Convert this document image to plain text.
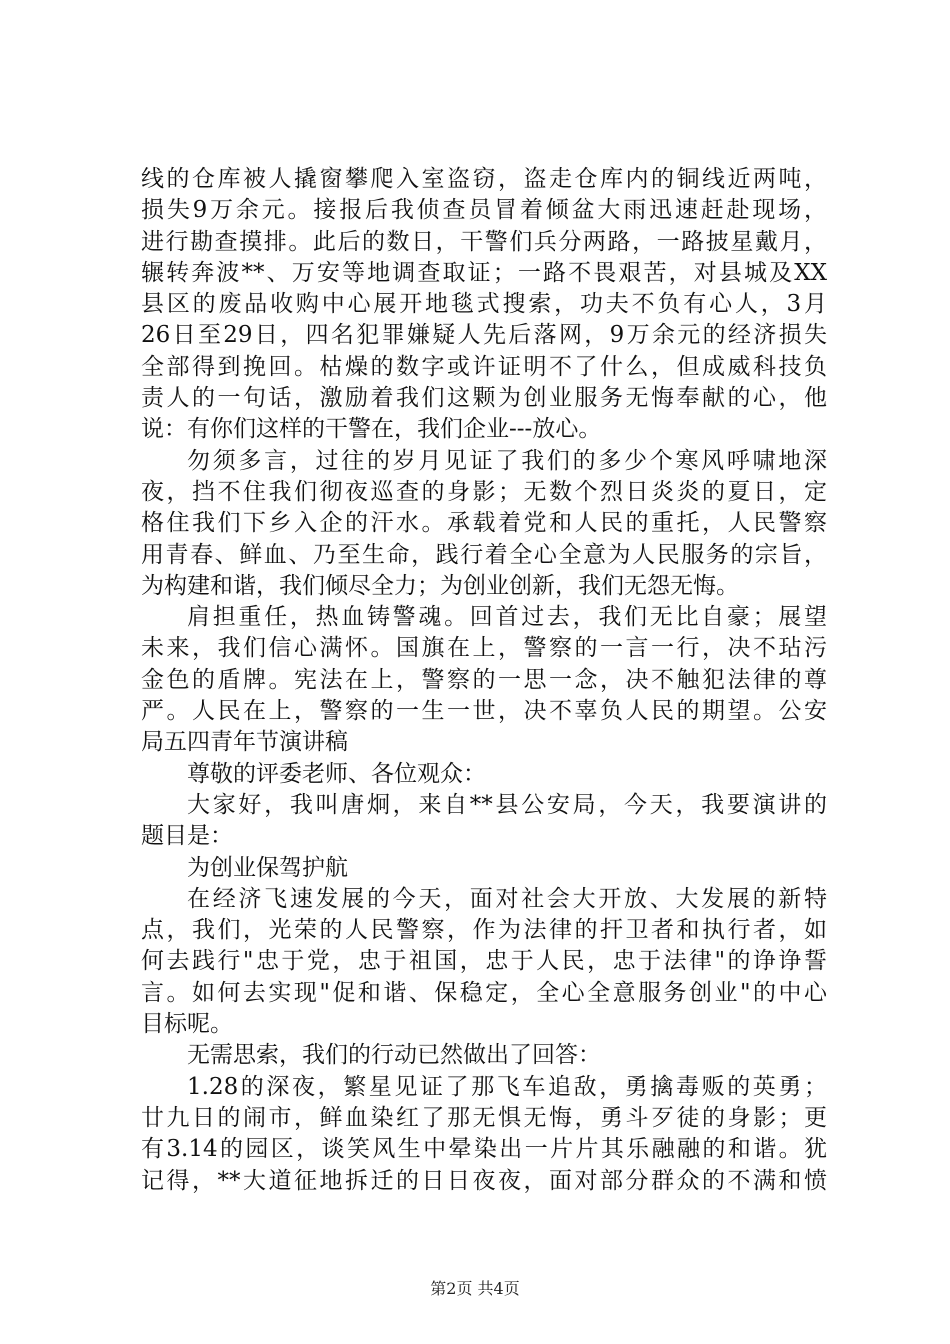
线的仓库被人撬窗攀爬入室盗窃，盗走仓库内的铜线近两吨，
损失9万余元。接报后我侦查员冒着倾盆大雨迅速赶赴现场，
进行勘查摸排。此后的数日，干警们兵分两路，一路披星戴月，
辗转奔波**、万安等地调查取证；一路不畏艰苦，对县城及XX
县区的废品收购中心展开地毯式搜索，功夫不负有心人，3月
26日至29日，四名犯罪嫌疑人先后落网，9万余元的经济损失
全部得到挽回。枯燥的数字或许证明不了什么，但成威科技负
责人的一句话，激励着我们这颗为创业服务无悔奉献的心，他
说：有你们这样的干警在，我们企业---放心。
勿须多言，过往的岁月见证了我们的多少个寒风呼啸地深
夜，挡不住我们彻夜巡查的身影；无数个烈日炎炎的夏日，定
格住我们下乡入企的汗水。承载着党和人民的重托，人民警察
用青春、鲜血、乃至生命，践行着全心全意为人民服务的宗旨，
为构建和谐，我们倾尽全力；为创业创新，我们无怨无悔。
肩担重任，热血铸警魂。回首过去，我们无比自豪；展望
未来，我们信心满怀。国旗在上，警察的一言一行，决不玷污
金色的盾牌。宪法在上，警察的一思一念，决不触犯法律的尊
严。人民在上，警察的一生一世，决不辜负人民的期望。公安
局五四青年节演讲稿
尊敬的评委老师、各位观众：
大家好，我叫唐炯，来自**县公安局，今天，我要演讲的
题目是：
为创业保驾护航
在经济飞速发展的今天，面对社会大开放、大发展的新特
点，我们，光荣的人民警察，作为法律的扞卫者和执行者，如
何去践行"忠于党，忠于祖国，忠于人民，忠于法律"的诤诤誓
言。如何去实现"促和谐、保稳定，全心全意服务创业"的中心
目标呢。
无需思索，我们的行动已然做出了回答：
1.28的深夜，繁星见证了那飞车追敌，勇擒毒贩的英勇；
廿九日的闹市，鲜血染红了那无惧无悔，勇斗歹徒的身影；更
有3.14的园区，谈笑风生中晕染出一片片其乐融融的和谐。犹
记得，**大道征地拆迁的日日夜夜，面对部分群众的不满和愤
第2页 共4页
